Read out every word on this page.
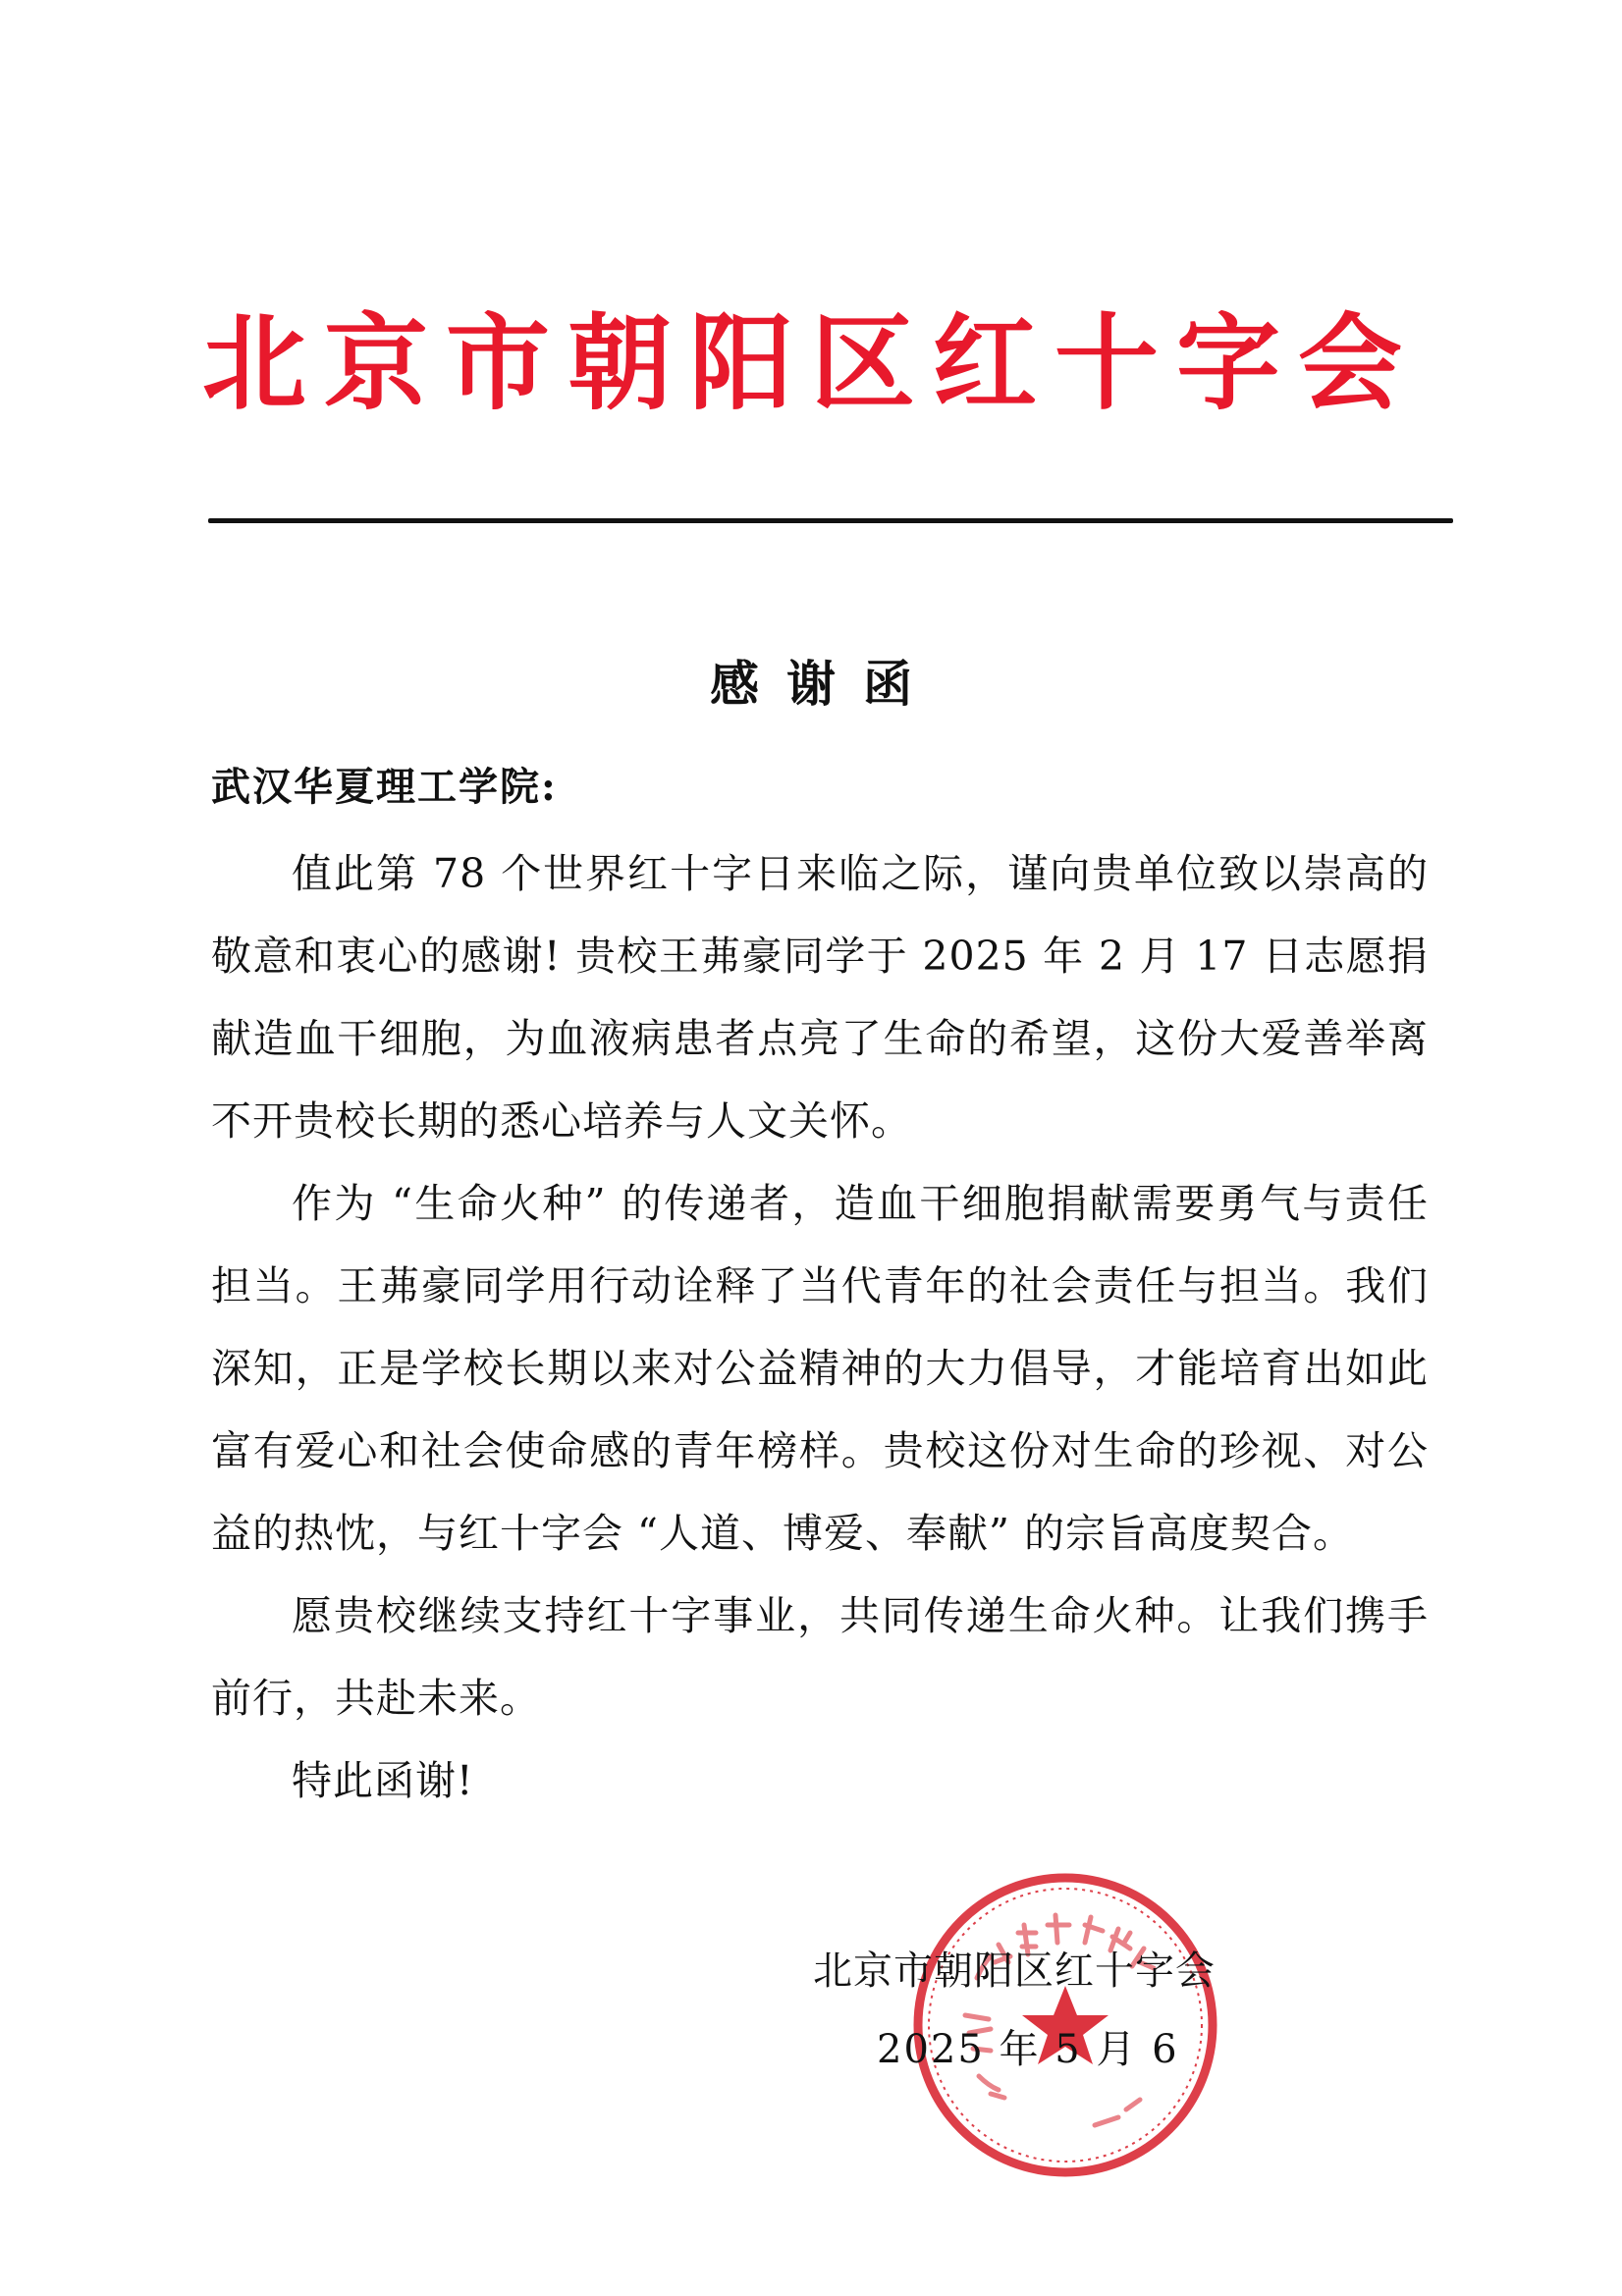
北京市朝阳区红十字会
感谢函
武汉华夏理工学院:

值此第 78 个世界红十字日来临之际，谨向贵单位致以崇高的敬意和衷心的感谢! 贵校王茀豪同学于 2025 年 2 月 17 日志愿捐献造血干细胞，为血液病患者点亮了生命的希望，这份大爱善举离不开贵校长期的悉心培养与人文关怀。

作为 “生命火种” 的传递者，造血干细胞捐献需要勇气与责任担当。王茀豪同学用行动诠释了当代青年的社会责任与担当。我们深知，正是学校长期以来对公益精神的大力倡导，才能培育出如此富有爱心和社会使命感的青年榜样。贵校这份对生命的珍视、对公益的热忱，与红十字会 “人道、博爱、奉献” 的宗旨高度契合。

愿贵校继续支持红十字事业，共同传递生命火种。让我们携手前行，共赴未来。

特此函谢!

北京市朝阳区红十字会
2025 年 5 月 6
